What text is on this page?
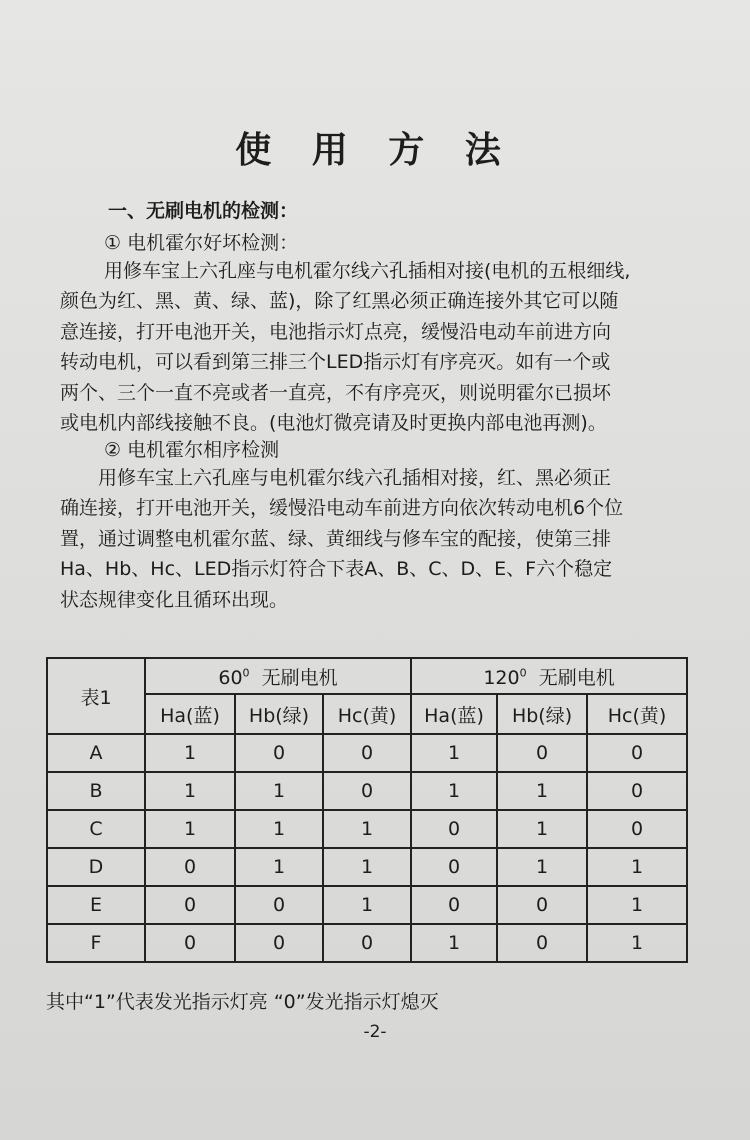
使 用 方 法
一、无刷电机的检测：
① 电机霍尔好坏检测：
用修车宝上六孔座与电机霍尔线六孔插相对接(电机的五根细线,
颜色为红、黑、黄、绿、蓝)，除了红黑必须正确连接外其它可以随
意连接，打开电池开关，电池指示灯点亮，缓慢沿电动车前进方向
转动电机，可以看到第三排三个LED指示灯有序亮灭。如有一个或
两个、三个一直不亮或者一直亮，不有序亮灭，则说明霍尔已损坏
或电机内部线接触不良。(电池灯微亮请及时更换内部电池再测)。
② 电机霍尔相序检测
用修车宝上六孔座与电机霍尔线六孔插相对接，红、黑必须正
确连接，打开电池开关，缓慢沿电动车前进方向依次转动电机6个位
置，通过调整电机霍尔蓝、绿、黄细线与修车宝的配接，使第三排
Ha、Hb、Hc、LED指示灯符合下表A、B、C、D、E、F六个稳定
状态规律变化且循环出现。
表1	$60^0$ 无刷电机			$120^0$ 无刷电机		
	Ha(蓝)	Hb(绿)	Hc(黄)	Ha(蓝)	Hb(绿)	Hc(黄)
A	1	0	0	1	0	0
B	1	1	0	1	1	0
C	1	1	1	0	1	0
D	0	1	1	0	1	1
E	0	0	1	0	0	1
F	0	0	0	1	0	1
其中“1”代表发光指示灯亮 “0”发光指示灯熄灭
-2-
